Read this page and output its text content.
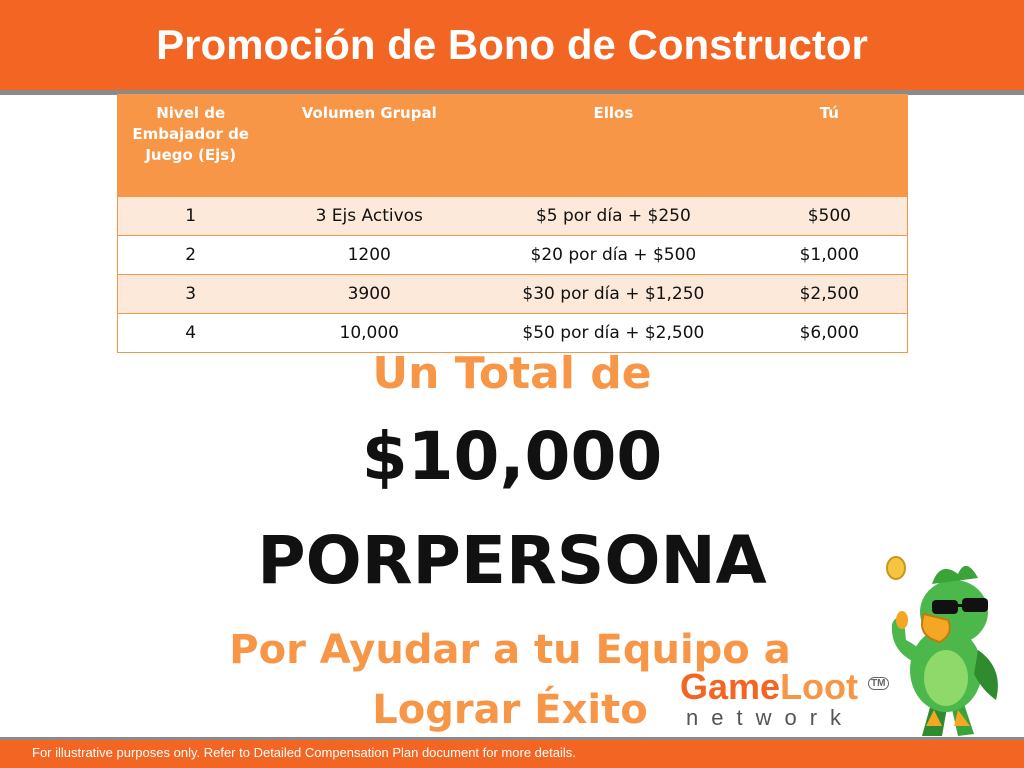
Promoción de Bono de Constructor
Nivel de Embajador de Juego (Ejs)	Volumen Grupal	Ellos	Tú
1	3 Ejs Activos	$5 por día + $250	$500
2	1200	$20 por día + $500	$1,000
3	3900	$30 por día + $1,250	$2,500
4	10,000	$50 por día + $2,500	$6,000
Un Total de
$10,000
PORPERSONA
Por Ayudar a tu Equipo a Lograr Éxito
GameLoot ™
network
For illustrative purposes only. Refer to Detailed Compensation Plan document for more details.
